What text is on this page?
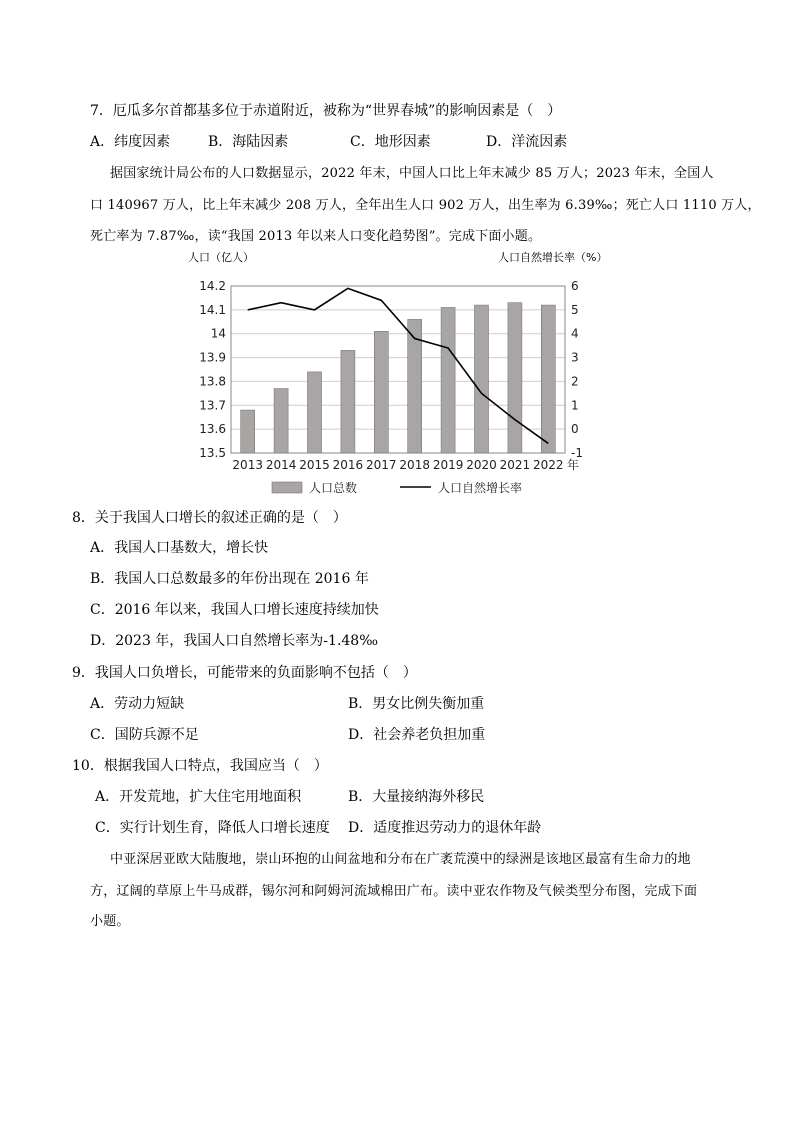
7．厄瓜多尔首都基多位于赤道附近，被称为“世界春城”的影响因素是（　）
A．纬度因素	B．海陆因素	C．地形因素	D．洋流因素
据国家统计局公布的人口数据显示，2022 年末，中国人口比上年末减少 85 万人；2023 年末，全国人
口 140967 万人，比上年末减少 208 万人，全年出生人口 902 万人，出生率为 6.39‰；死亡人口 1110 万人，
死亡率为 7.87‰，读“我国 2013 年以来人口变化趋势图”。完成下面小题。
人口（亿人）	人口自然增长率（%）
14.2
14.1
14
13.9
13.8
13.7
13.6
13.5
6
5
4
3
2
1
0
-1
2013 2014 2015 2016 2017 2018 2019 2020 2021 2022 年
人口总数	人口自然增长率
8．关于我国人口增长的叙述正确的是（　）
A．我国人口基数大，增长快
B．我国人口总数最多的年份出现在 2016 年
C．2016 年以来，我国人口增长速度持续加快
D．2023 年，我国人口自然增长率为-1.48‰
9．我国人口负增长，可能带来的负面影响不包括（　）
A．劳动力短缺	B．男女比例失衡加重
C．国防兵源不足	D．社会养老负担加重
10．根据我国人口特点，我国应当（　）
A．开发荒地，扩大住宅用地面积	B．大量接纳海外移民
C．实行计划生育，降低人口增长速度 D．适度推迟劳动力的退休年龄
中亚深居亚欧大陆腹地，崇山环抱的山间盆地和分布在广袤荒漠中的绿洲是该地区最富有生命力的地
方，辽阔的草原上牛马成群，锡尔河和阿姆河流域棉田广布。读中亚农作物及气候类型分布图，完成下面
小题。
